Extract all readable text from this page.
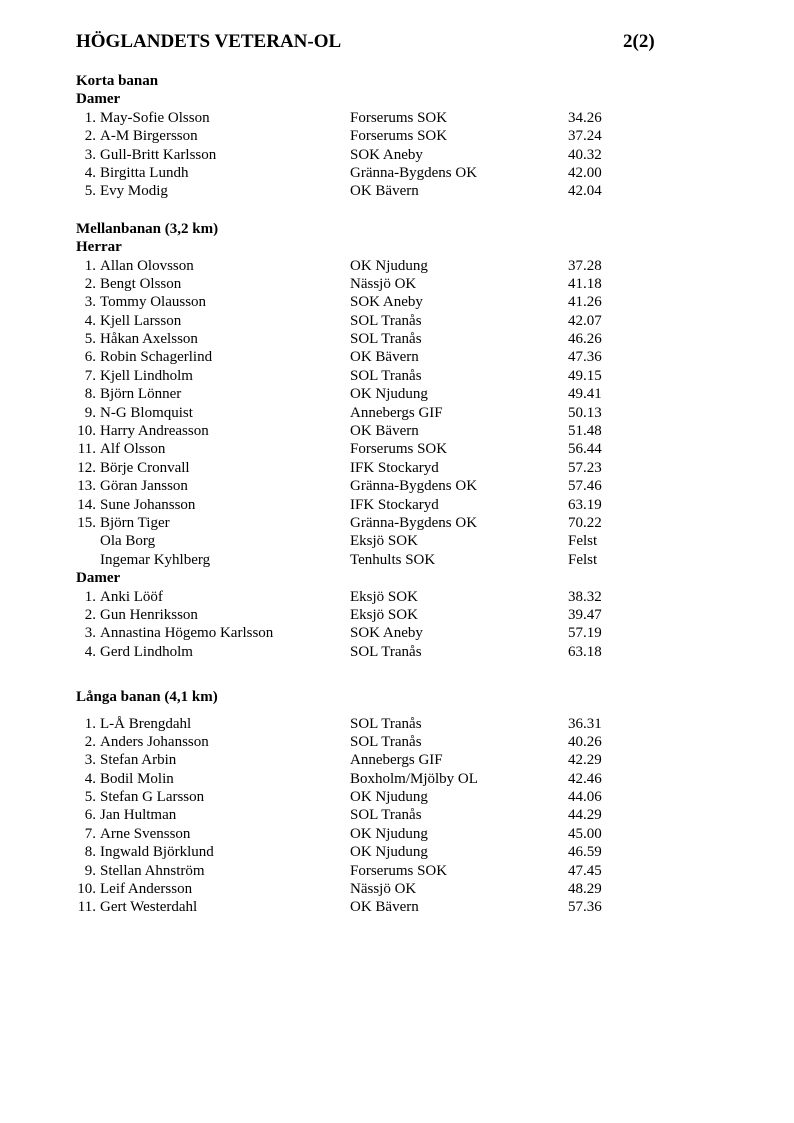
HÖGLANDETS VETERAN-OL	2(2)
Korta banan
Damer
1. May-Sofie Olsson	Forserums SOK	34.26
2. A-M Birgersson	Forserums SOK	37.24
3. Gull-Britt Karlsson	SOK Aneby	40.32
4. Birgitta Lundh	Gränna-Bygdens OK	42.00
5. Evy Modig	OK Bävern	42.04
Mellanbanan (3,2 km)
Herrar
1. Allan Olovsson	OK Njudung	37.28
2. Bengt Olsson	Nässjö OK	41.18
3. Tommy Olausson	SOK Aneby	41.26
4. Kjell Larsson	SOL Tranås	42.07
5. Håkan Axelsson	SOL Tranås	46.26
6. Robin Schagerlind	OK Bävern	47.36
7. Kjell Lindholm	SOL Tranås	49.15
8. Björn Lönner	OK Njudung	49.41
9. N-G Blomquist	Annebergs GIF	50.13
10. Harry Andreasson	OK Bävern	51.48
11. Alf Olsson	Forserums SOK	56.44
12. Börje Cronvall	IFK Stockaryd	57.23
13. Göran Jansson	Gränna-Bygdens OK	57.46
14. Sune Johansson	IFK Stockaryd	63.19
15. Björn Tiger	Gränna-Bygdens OK	70.22
Ola Borg	Eksjö SOK	Felst
Ingemar Kyhlberg	Tenhults SOK	Felst
Damer
1. Anki Lööf	Eksjö SOK	38.32
2. Gun Henriksson	Eksjö SOK	39.47
3. Annastina Högemo Karlsson	SOK Aneby	57.19
4. Gerd Lindholm	SOL Tranås	63.18
Långa banan (4,1 km)
1. L-Å Brengdahl	SOL Tranås	36.31
2. Anders Johansson	SOL Tranås	40.26
3. Stefan Arbin	Annebergs GIF	42.29
4. Bodil Molin	Boxholm/Mjölby OL	42.46
5. Stefan G Larsson	OK Njudung	44.06
6. Jan Hultman	SOL Tranås	44.29
7. Arne Svensson	OK Njudung	45.00
8. Ingwald Björklund	OK Njudung	46.59
9. Stellan Ahnström	Forserums SOK	47.45
10. Leif Andersson	Nässjö OK	48.29
11. Gert Westerdahl	OK Bävern	57.36
